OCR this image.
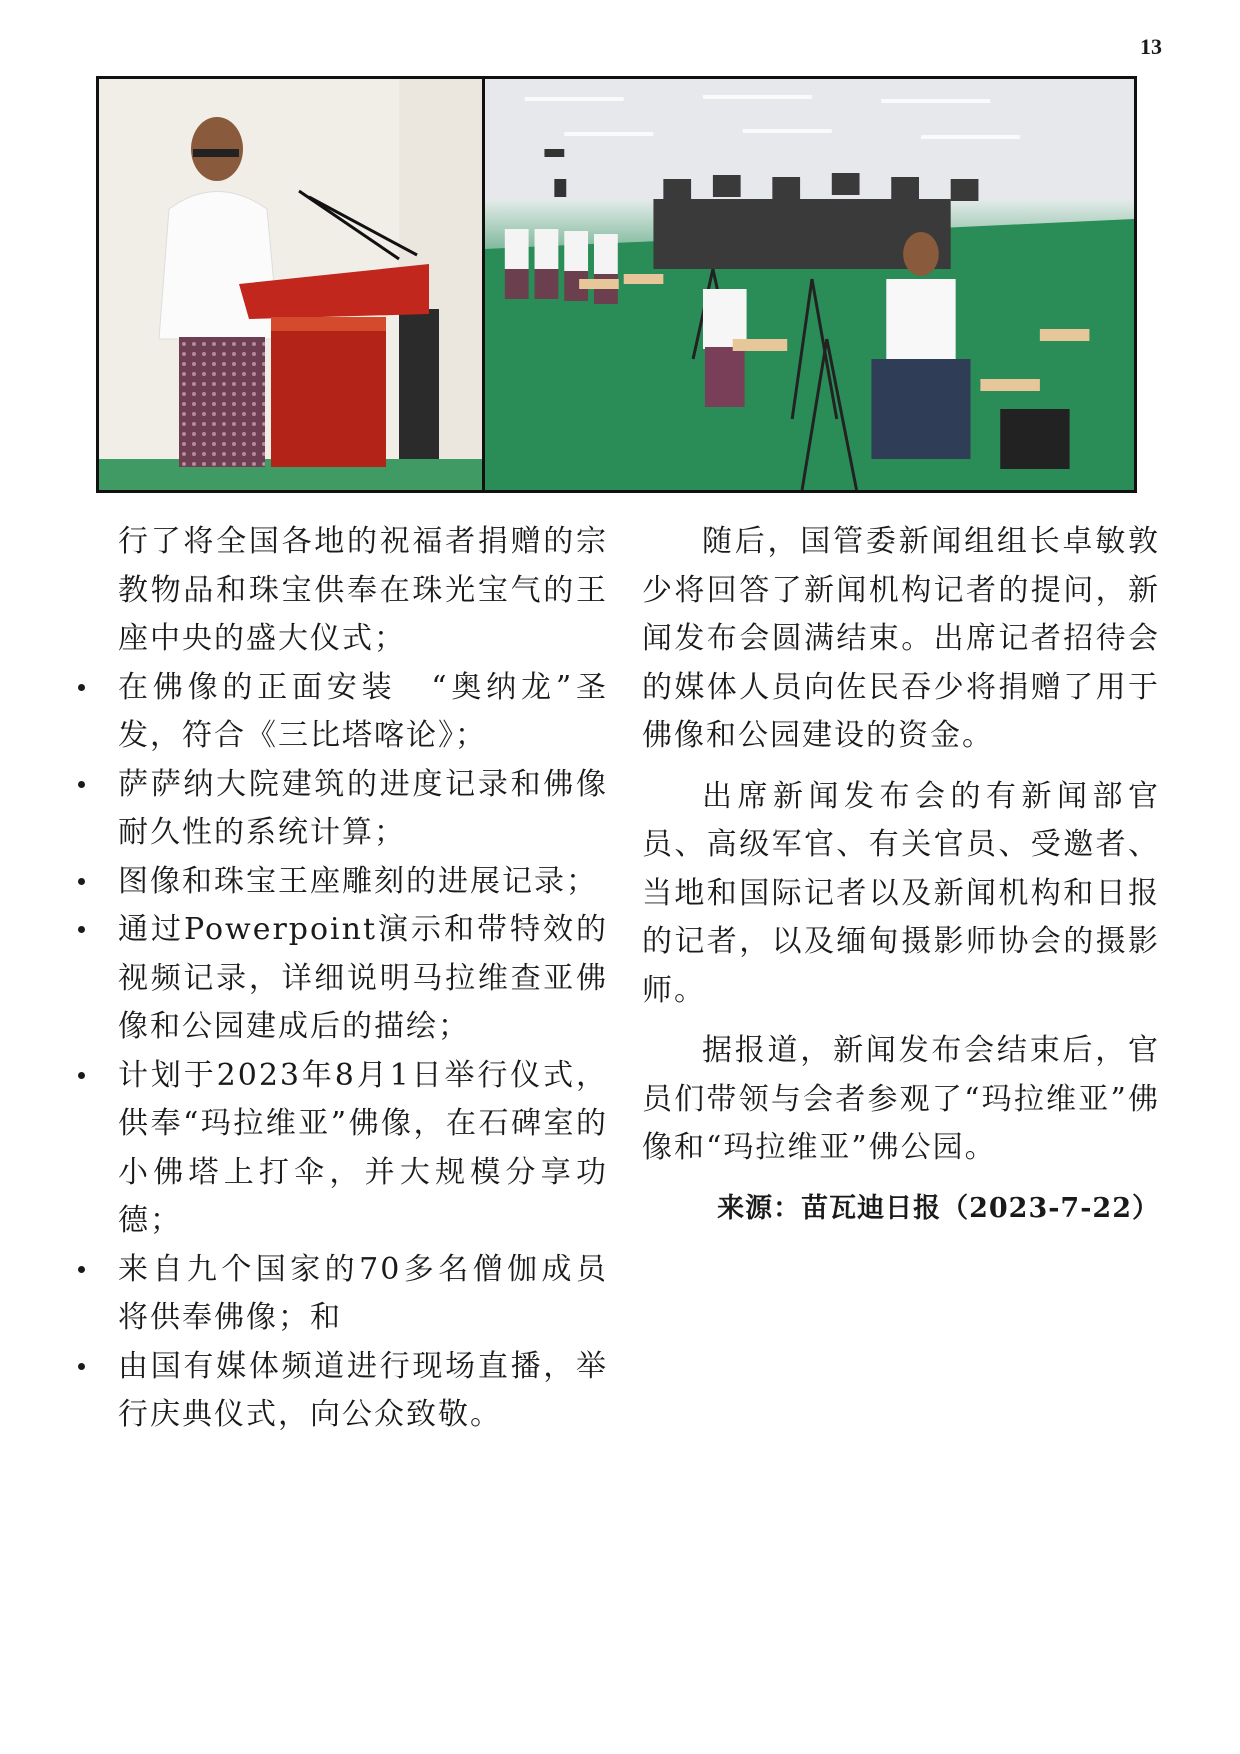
13

行了将全国各地的祝福者捐赠的宗教物品和珠宝供奉在珠光宝气的王座中央的盛大仪式；

在佛像的正面安装　“奥纳龙”圣发，符合《三比塔喀论》；
萨萨纳大院建筑的进度记录和佛像耐久性的系统计算；
图像和珠宝王座雕刻的进展记录；
通过Powerpoint演示和带特效的视频记录，详细说明马拉维查亚佛像和公园建成后的描绘；
计划于2023年8月1日举行仪式，供奉“玛拉维亚”佛像，在石碑室的小佛塔上打伞，并大规模分享功德；
来自九个国家的70多名僧伽成员将供奉佛像；和
由国有媒体频道进行现场直播，举行庆典仪式，向公众致敬。

随后，国管委新闻组组长卓敏敦少将回答了新闻机构记者的提问，新闻发布会圆满结束。出席记者招待会的媒体人员向佐民吞少将捐赠了用于佛像和公园建设的资金。

出席新闻发布会的有新闻部官员、高级军官、有关官员、受邀者、当地和国际记者以及新闻机构和日报的记者，以及缅甸摄影师协会的摄影师。

据报道，新闻发布会结束后，官员们带领与会者参观了“玛拉维亚”佛像和“玛拉维亚”佛公园。

来源：苗瓦迪日报（2023-7-22）
